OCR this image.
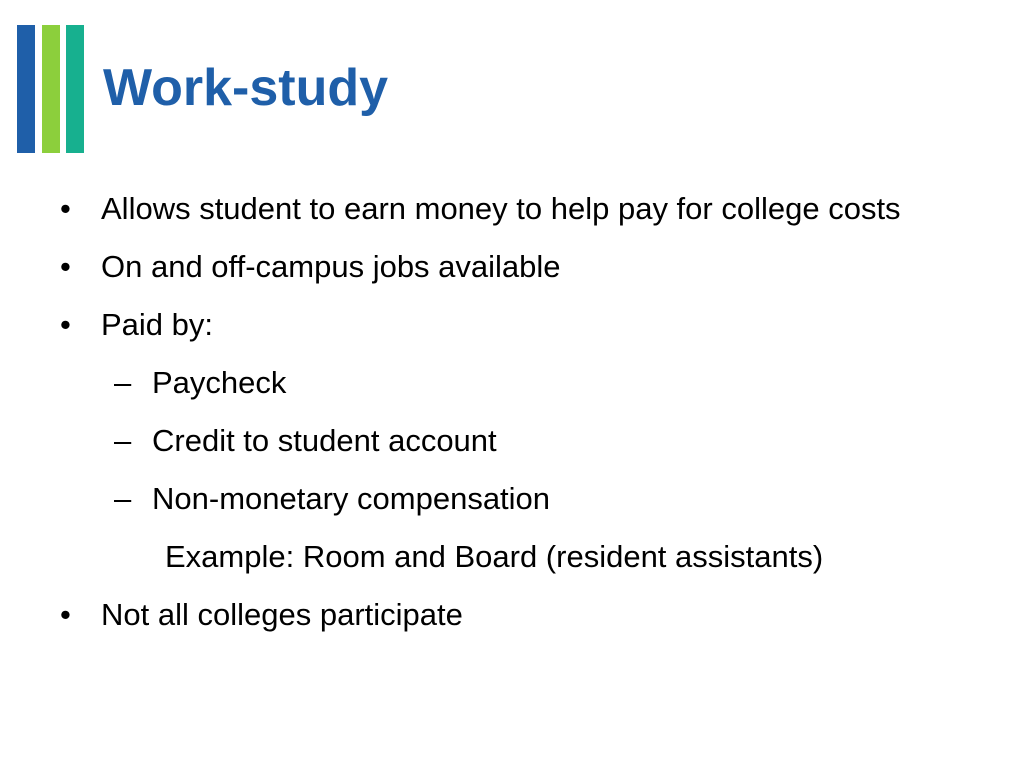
Work-study
• Allows student to earn money to help pay for college costs
• On and off-campus jobs available
• Paid by:
– Paycheck
– Credit to student account
– Non-monetary compensation
Example: Room and Board (resident assistants)
• Not all colleges participate
